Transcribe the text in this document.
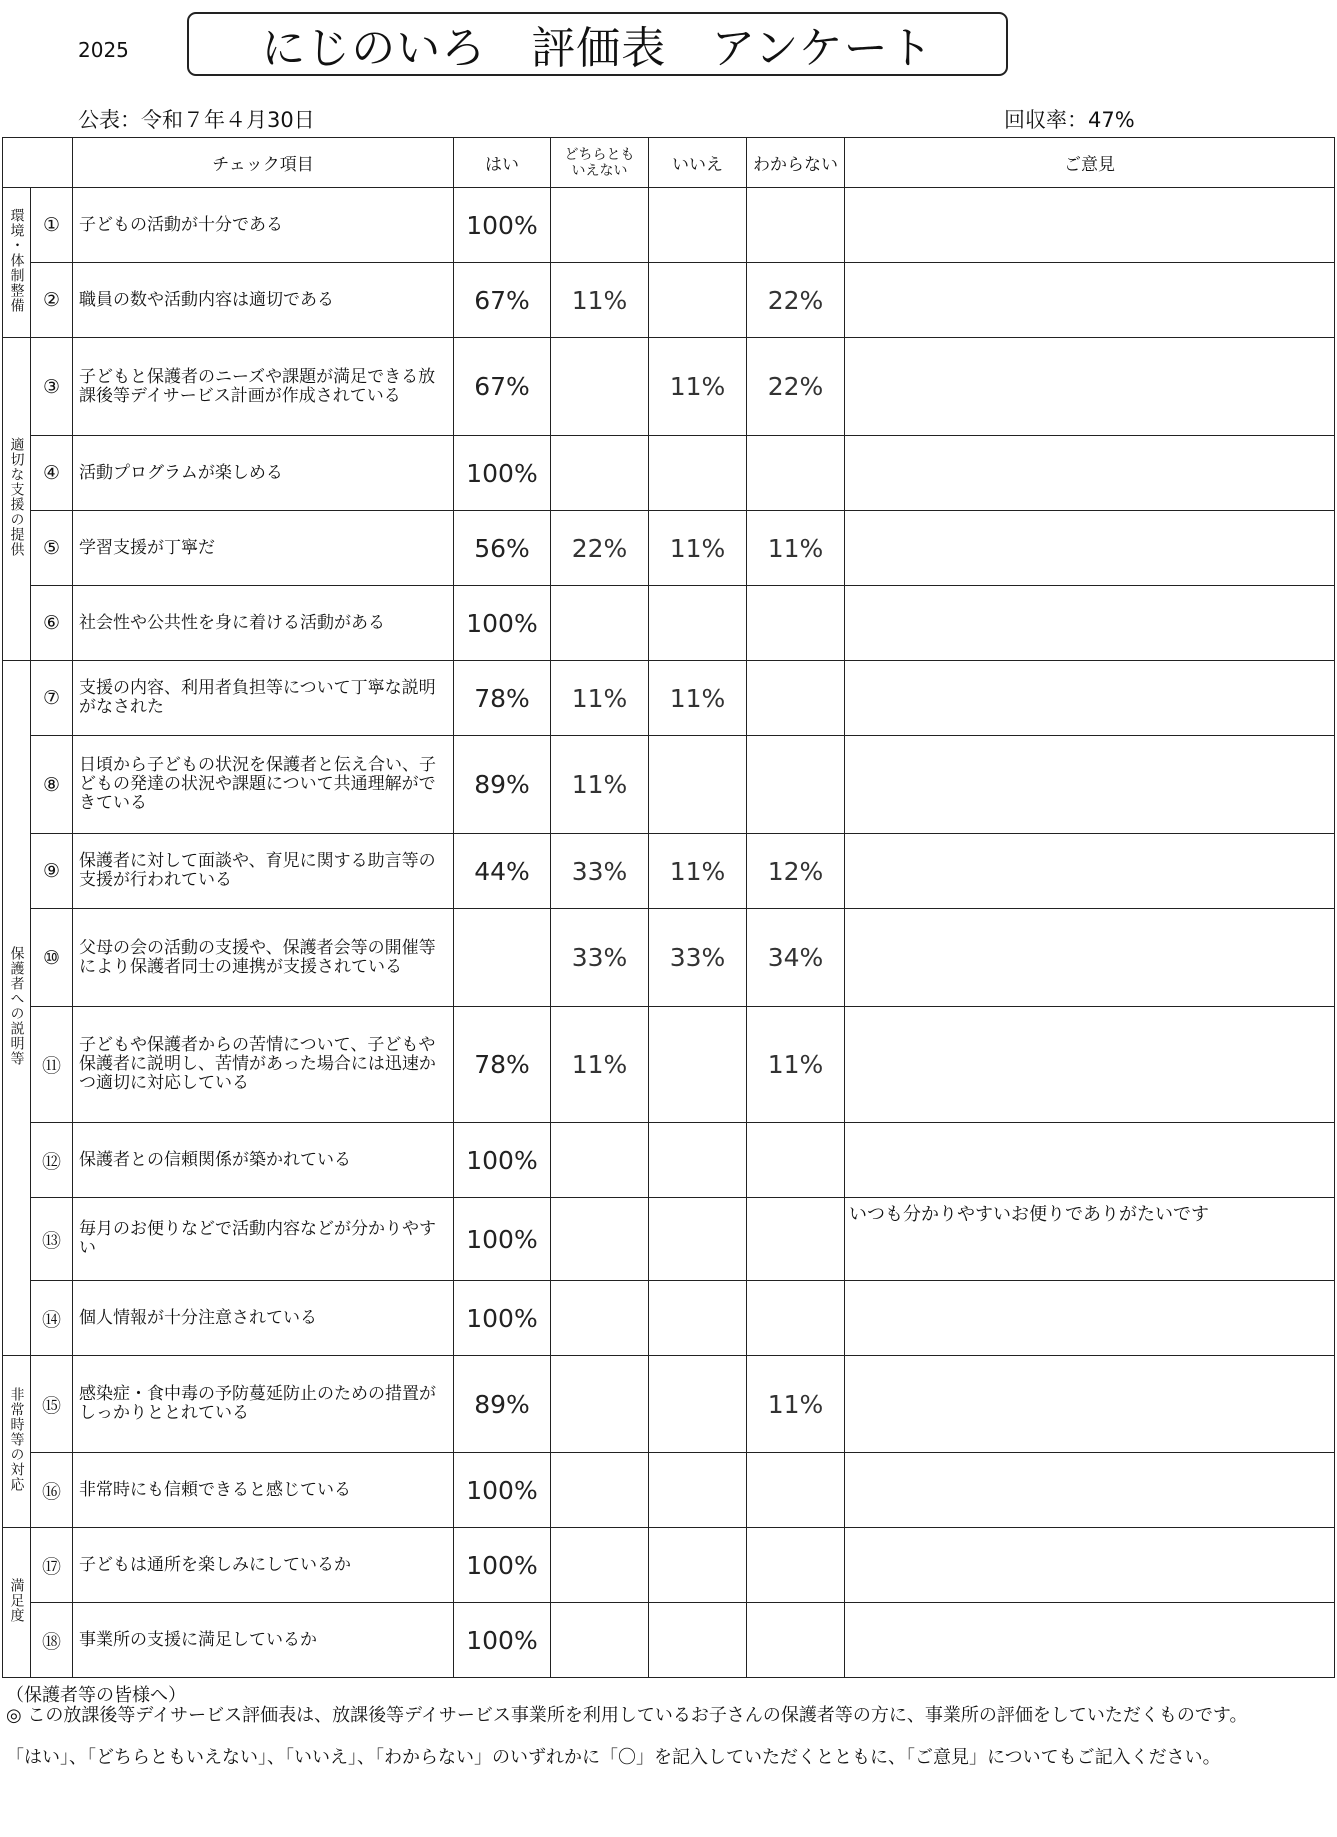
2025	にじのいろ　評価表　アンケート
公表：令和７年４月30日	回収率：47%
		チェック項目	はい	どちらとも
いえない	いいえ	わからない	ご意見
環境・体制整備	①	子どもの活動が十分である	100%				
	②	職員の数や活動内容は適切である	67%	11%		22%	
適切な支援の提供	③	子どもと保護者のニーズや課題が満足できる放課後等デイサービス計画が作成されている	67%		11%	22%	
	④	活動プログラムが楽しめる	100%				
	⑤	学習支援が丁寧だ	56%	22%	11%	11%	
	⑥	社会性や公共性を身に着ける活動がある	100%				
保護者への説明等	⑦	支援の内容、利用者負担等について丁寧な説明がなされた	78%	11%	11%		
	⑧	日頃から子どもの状況を保護者と伝え合い、子どもの発達の状況や課題について共通理解ができている	89%	11%			
	⑨	保護者に対して面談や、育児に関する助言等の支援が行われている	44%	33%	11%	12%	
	⑩	父母の会の活動の支援や、保護者会等の開催等により保護者同士の連携が支援されている		33%	33%	34%	
	⑪	子どもや保護者からの苦情について、子どもや保護者に説明し、苦情があった場合には迅速かつ適切に対応している	78%	11%		11%	
	⑫	保護者との信頼関係が築かれている	100%				
	⑬	毎月のお便りなどで活動内容などが分かりやすい	100%				いつも分かりやすいお便りでありがたいです
	⑭	個人情報が十分注意されている	100%				
非常時等の対応	⑮	感染症・食中毒の予防蔓延防止のための措置がしっかりととれている	89%			11%	
	⑯	非常時にも信頼できると感じている	100%				
満足度	⑰	子どもは通所を楽しみにしているか	100%				
	⑱	事業所の支援に満足しているか	100%				

（保護者等の皆様へ）

◎ この放課後等デイサービス評価表は、放課後等デイサービス事業所を利用しているお子さんの保護者等の方に、事業所の評価をしていただくものです。

「はい」、「どちらともいえない」、「いいえ」、「わからない」のいずれかに「〇」を記入していただくとともに、「ご意見」についてもご記入ください。
